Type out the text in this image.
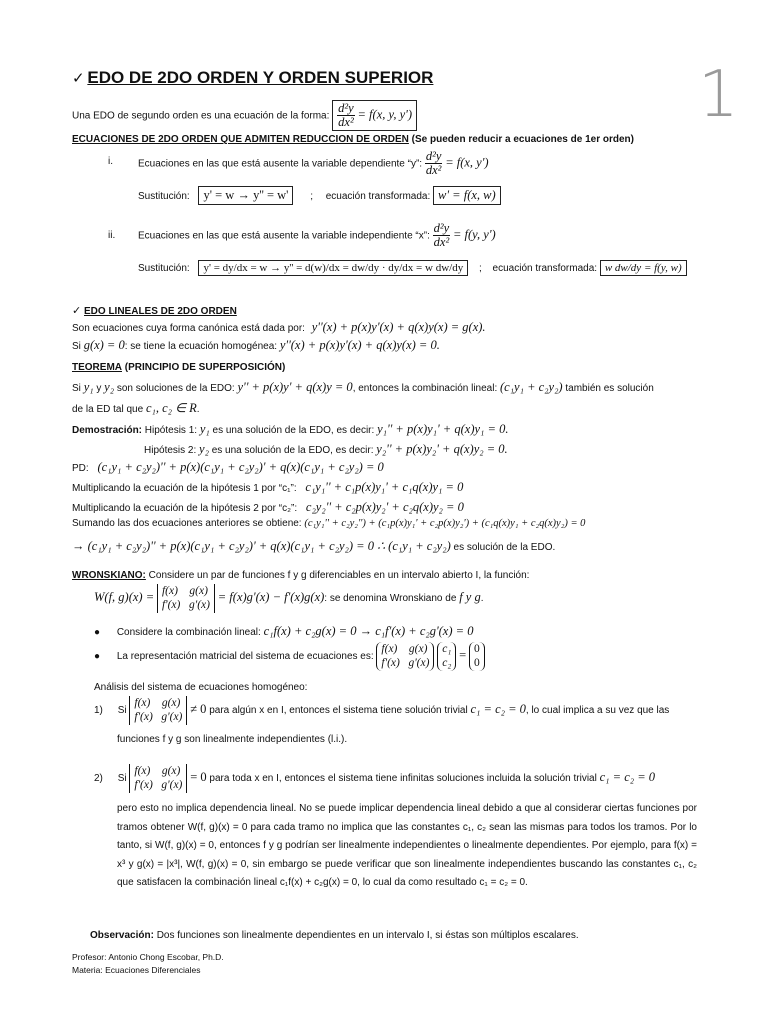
1
✓ EDO DE 2DO ORDEN Y ORDEN SUPERIOR
Una EDO de segundo orden es una ecuación de la forma: $\frac{\text{d²y}}{\text{dx²}} = f(x$, y, y')
ECUACIONES DE 2DO ORDEN QUE ADMITEN REDUCCION DE ORDEN (Se pueden reducir a ecuaciones de 1er orden)
i.	Ecuaciones en las que está ausente la variable dependiente “y”: $\frac{\text{d²y}}{\text{dx²}} = f(x$, y')
Sustitución: y' = w → y'' = w' ; ecuación transformada: w' = f(x, w)
ii. Ecuaciones en las que está ausente la variable independiente “x”: $\frac{\text{d²y}}{\text{dx²}} = f(y$, y')
Sustitución: y' = dy/dx = w → y'' = d(w)/dx = dw/dy · dy/dx = w dw/dy ; ecuación transformada: w dw/dy = f(y, w)
✓ EDO LINEALES DE 2DO ORDEN
Son ecuaciones cuya forma canónica está dada por: y''(x) + p(x)y'(x) + q(x)y(x) = g(x).
Si g(x) = 0: se tiene la ecuación homogénea: y''(x) + p(x)y'(x) + q(x)y(x) = 0.
TEOREMA (PRINCIPIO DE SUPERPOSICIÓN)
Si y₁ y y₂ son soluciones de la EDO: y'' + p(x)y' + q(x)y = 0, entonces la combinación lineal: (c₁y₁ + c₂y₂) también es solución
de la ED tal que c₁, c₂ ∈ R.
Demostración: Hipótesis 1: y₁ es una solución de la EDO, es decir: y₁'' + p(x)y₁' + q(x)y₁ = 0.
Hipótesis 2: y₂ es una solución de la EDO, es decir: y₂'' + p(x)y₂' + q(x)y₂ = 0.
PD: (c₁y₁ + c₂y₂)'' + p(x)(c₁y₁ + c₂y₂)' + q(x)(c₁y₁ + c₂y₂) = 0
Multiplicando la ecuación de la hipótesis 1 por “c₁”: c₁y₁'' + c₁p(x)y₁' + c₁q(x)y₁ = 0
Multiplicando la ecuación de la hipótesis 2 por “c₂”: c₂y₂'' + c₂p(x)y₂' + c₂q(x)y₂ = 0
Sumando las dos ecuaciones anteriores se obtiene: (c₁y₁'' + c₂y₂'') + (c₁p(x)y₁' + c₂p(x)y₂') + (c₁q(x)y₁ + c₂q(x)y₂) = 0
→ (c₁y₁ + c₂y₂)'' + p(x)(c₁y₁ + c₂y₂)' + q(x)(c₁y₁ + c₂y₂) = 0 ∴ (c₁y₁ + c₂y₂) es solución de la EDO.
WRONSKIANO: Considere un par de funciones f y g diferenciables en un intervalo abierto I, la función:
W(f, g)(x) = f(x)    g(x)
f'(x)   g'(x)
= f(x)g'(x) − f'(x)g(x): se denomina Wronskiano de f y g.
● Considere la combinación lineal: c₁f(x) + c₂g(x) = 0 → c₁f'(x) + c₂g'(x) = 0
● La representación matricial del sistema de ecuaciones es:
f(x)    g(x)
f'(x)   g'(x)

c₁
c₂
= 0
0
Análisis del sistema de ecuaciones homogéneo:
1) Si
f(x)    g(x)
f'(x)   g'(x)
≠ 0 para algún x en I, entonces el sistema tiene solución trivial c₁ = c₂ = 0, lo cual implica a su vez que las
funciones f y g son linealmente independientes (l.i.).
2) Si
f(x)    g(x)
f'(x)   g'(x)
= 0 para toda x en I, entonces el sistema tiene infinitas soluciones incluida la solución trivial c₁ = c₂ = 0
pero esto no implica dependencia lineal. No se puede implicar dependencia lineal debido a que al considerar ciertas funciones por tramos obtener W(f, g)(x) = 0 para cada tramo no implica que las constantes c₁, c₂ sean las mismas para todos los tramos. Por lo tanto, si W(f, g)(x) = 0, entonces f y g podrían ser linealmente independientes o linealmente dependientes. Por ejemplo, para f(x) = x³ y g(x) = |x³|, W(f, g)(x) = 0, sin embargo se puede verificar que son linealmente independientes buscando las constantes c₁, c₂ que satisfacen la combinación lineal c₁f(x) + c₂g(x) = 0, lo cual da como resultado c₁ = c₂ = 0.
Observación: Dos funciones son linealmente dependientes en un intervalo I, si éstas son múltiplos escalares.
Profesor: Antonio Chong Escobar, Ph.D.
Materia: Ecuaciones Diferenciales
